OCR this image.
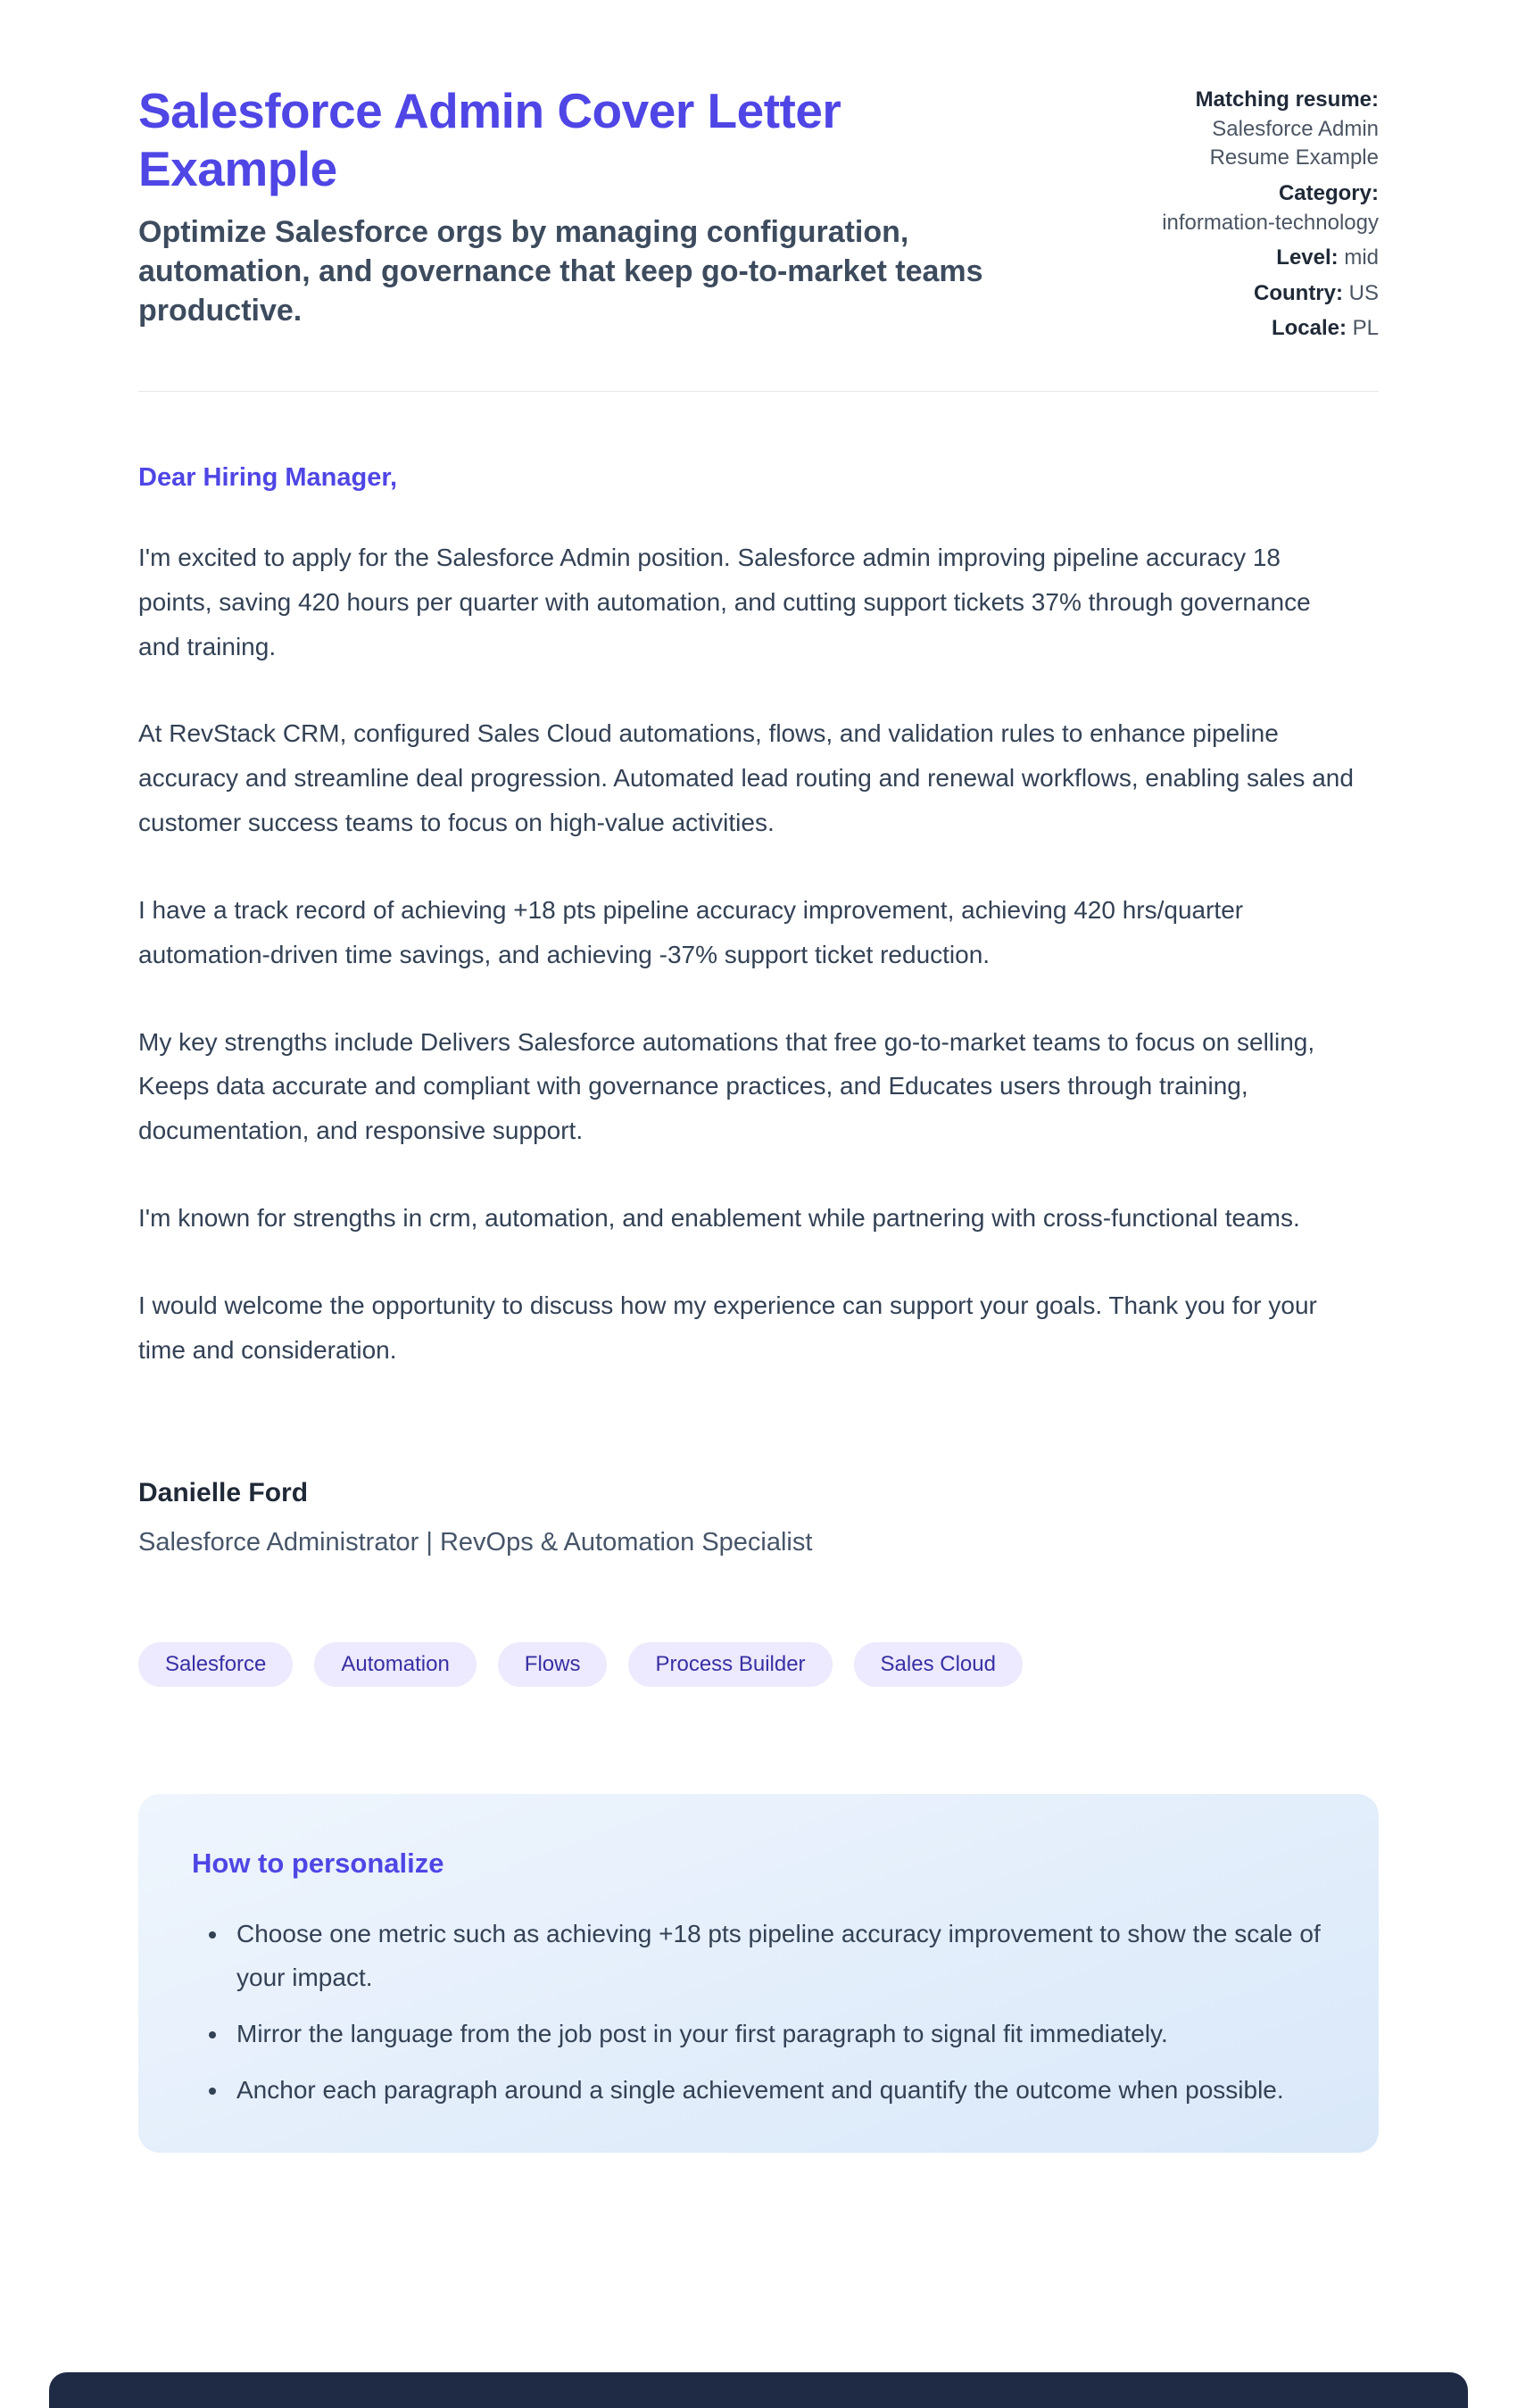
Salesforce Admin Cover Letter Example

Optimize Salesforce orgs by managing configuration, automation, and governance that keep go-to-market teams productive.

Matching resume:
Salesforce Admin Resume Example
Category:
information-technology
Level: mid
Country: US
Locale: PL

Dear Hiring Manager,

I'm excited to apply for the Salesforce Admin position. Salesforce admin improving pipeline accuracy 18 points, saving 420 hours per quarter with automation, and cutting support tickets 37% through governance and training.

At RevStack CRM, configured Sales Cloud automations, flows, and validation rules to enhance pipeline accuracy and streamline deal progression. Automated lead routing and renewal workflows, enabling sales and customer success teams to focus on high-value activities.

I have a track record of achieving +18 pts pipeline accuracy improvement, achieving 420 hrs/quarter automation-driven time savings, and achieving -37% support ticket reduction.

My key strengths include Delivers Salesforce automations that free go-to-market teams to focus on selling, Keeps data accurate and compliant with governance practices, and Educates users through training, documentation, and responsive support.

I'm known for strengths in crm, automation, and enablement while partnering with cross-functional teams.

I would welcome the opportunity to discuss how my experience can support your goals. Thank you for your time and consideration.

Danielle Ford

Salesforce Administrator | RevOps & Automation Specialist

Salesforce	Automation	Flows	Process Builder	Sales Cloud
How to personalize
• Choose one metric such as achieving +18 pts pipeline accuracy improvement to show the scale of your impact.
• Mirror the language from the job post in your first paragraph to signal fit immediately.
• Anchor each paragraph around a single achievement and quantify the outcome when possible.
